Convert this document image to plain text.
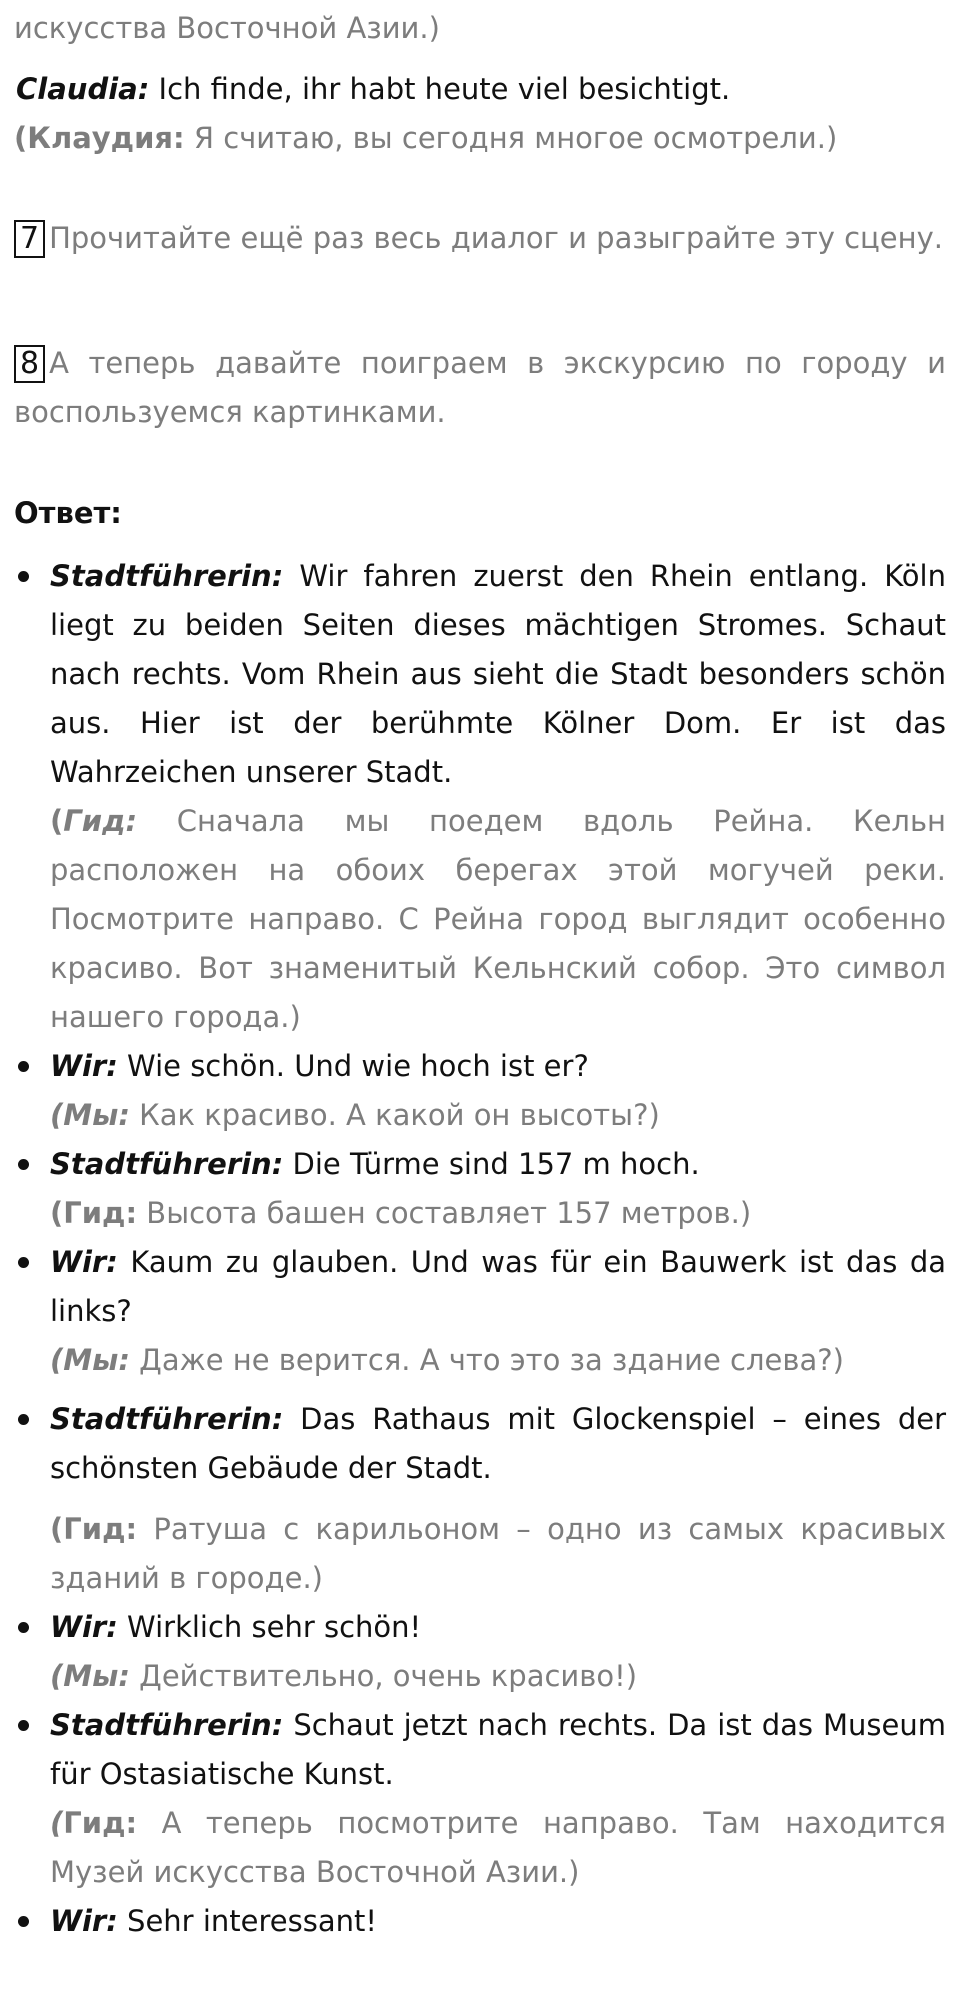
искусства Восточной Азии.)

Claudia: Ich finde, ihr habt heute viel besichtigt.

(Клаудия: Я считаю, вы сегодня многое осмотрели.)

7 Прочитайте ещё раз весь диалог и разыграйте эту сцену.

8 А теперь давайте поиграем в экскурсию по городу и воспользуемся картинками.

Ответ:

Stadtführerin: Wir fahren zuerst den Rhein entlang. Köln liegt zu beiden Seiten dieses mächtigen Stromes. Schaut nach rechts. Vom Rhein aus sieht die Stadt besonders schön aus. Hier ist der berühmte Kölner Dom. Er ist das Wahrzeichen unserer Stadt.
(Гид: Сначала мы поедем вдоль Рейна. Кельн расположен на обоих берегах этой могучей реки. Посмотрите направо. С Рейна город выглядит особенно красиво. Вот знаменитый Кельнский собор. Это символ нашего города.)
Wir: Wie schön. Und wie hoch ist er?
(Мы: Как красиво. А какой он высоты?)
Stadtführerin: Die Türme sind 157 m hoch.
(Гид: Высота башен составляет 157 метров.)
Wir: Kaum zu glauben. Und was für ein Bauwerk ist das da links?
(Мы: Даже не верится. А что это за здание слева?)
Stadtführerin: Das Rathaus mit Glockenspiel – eines der schönsten Gebäude der Stadt.
(Гид: Ратуша с карильоном – одно из самых красивых зданий в городе.)
Wir: Wirklich sehr schön!
(Мы: Действительно, очень красиво!)
Stadtführerin: Schaut jetzt nach rechts. Da ist das Museum für Ostasiatische Kunst.
(Гид: А теперь посмотрите направо. Там находится Музей искусства Восточной Азии.)
Wir: Sehr interessant!
